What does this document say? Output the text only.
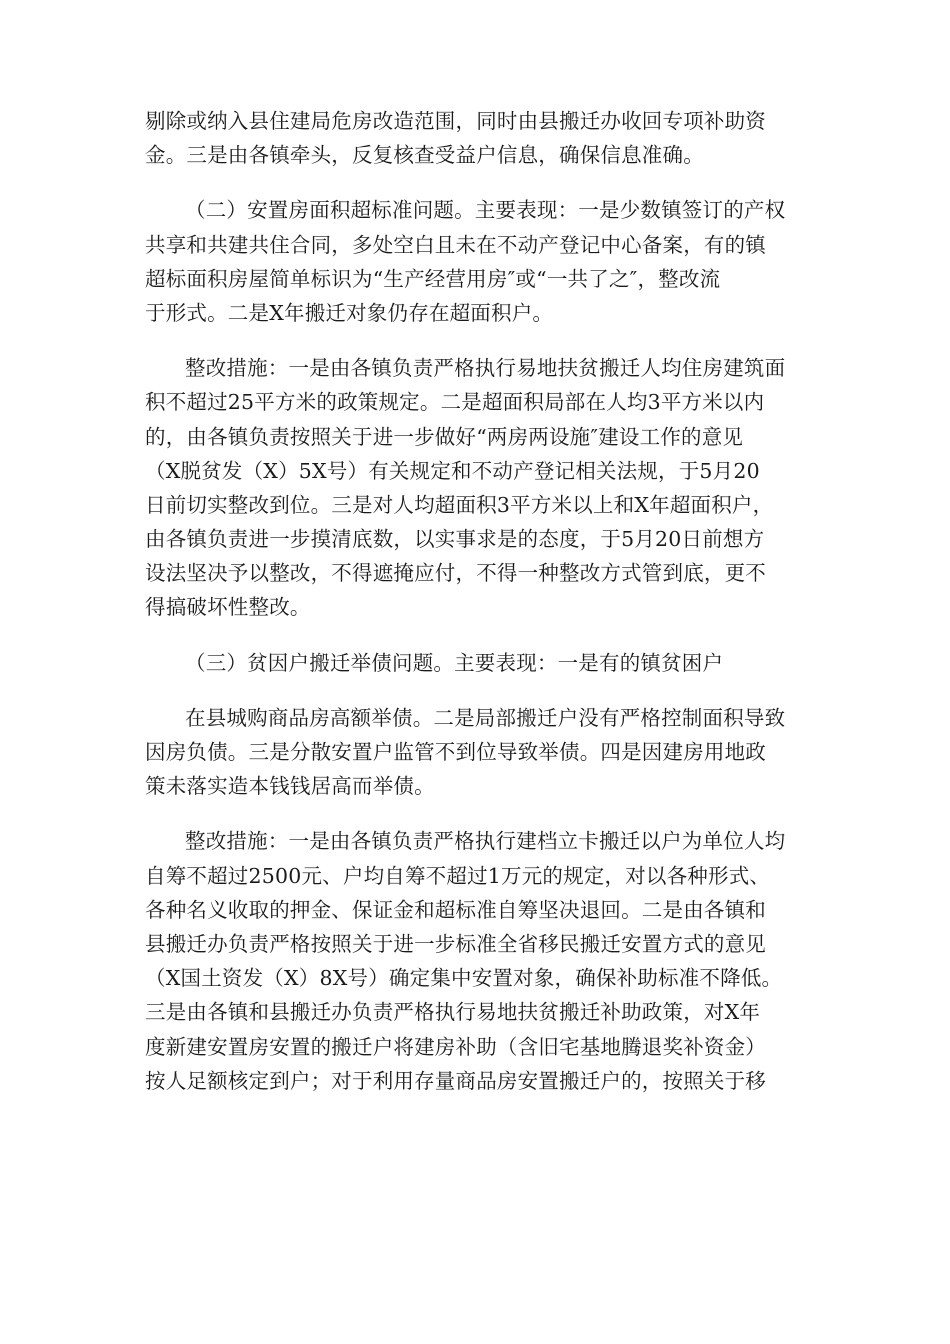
剔除或纳入县住建局危房改造范围，同时由县搬迁办收回专项补助资
金。三是由各镇牵头，反复核查受益户信息，确保信息准确。
（二）安置房面积超标准问题。主要表现：一是少数镇签订的产权
共享和共建共住合同，多处空白且未在不动产登记中心备案，有的镇
超标面积房屋简单标识为“生产经营用房″或“一共了之″，整改流
于形式。二是X年搬迁对象仍存在超面积户。
整改措施：一是由各镇负责严格执行易地扶贫搬迁人均住房建筑面
积不超过25平方米的政策规定。二是超面积局部在人均3平方米以内
的，由各镇负责按照关于进一步做好“两房两设施″建设工作的意见
（X脱贫发（X）5X号）有关规定和不动产登记相关法规，于5月20
日前切实整改到位。三是对人均超面积3平方米以上和X年超面积户，
由各镇负责进一步摸清底数，以实事求是的态度，于5月20日前想方
设法坚决予以整改，不得遮掩应付，不得一种整改方式管到底，更不
得搞破坏性整改。
（三）贫因户搬迁举债问题。主要表现：一是有的镇贫困户
在县城购商品房高额举债。二是局部搬迁户没有严格控制面积导致
因房负债。三是分散安置户监管不到位导致举债。四是因建房用地政
策未落实造本钱钱居高而举债。
整改措施：一是由各镇负责严格执行建档立卡搬迁以户为单位人均
自筹不超过2500元、户均自筹不超过1万元的规定，对以各种形式、
各种名义收取的押金、保证金和超标准自筹坚决退回。二是由各镇和
县搬迁办负责严格按照关于进一步标准全省移民搬迁安置方式的意见
（X国土资发（X）8X号）确定集中安置对象，确保补助标准不降低。
三是由各镇和县搬迁办负责严格执行易地扶贫搬迁补助政策，对X年
度新建安置房安置的搬迁户将建房补助（含旧宅基地腾退奖补资金）
按人足额核定到户；对于利用存量商品房安置搬迁户的，按照关于移
